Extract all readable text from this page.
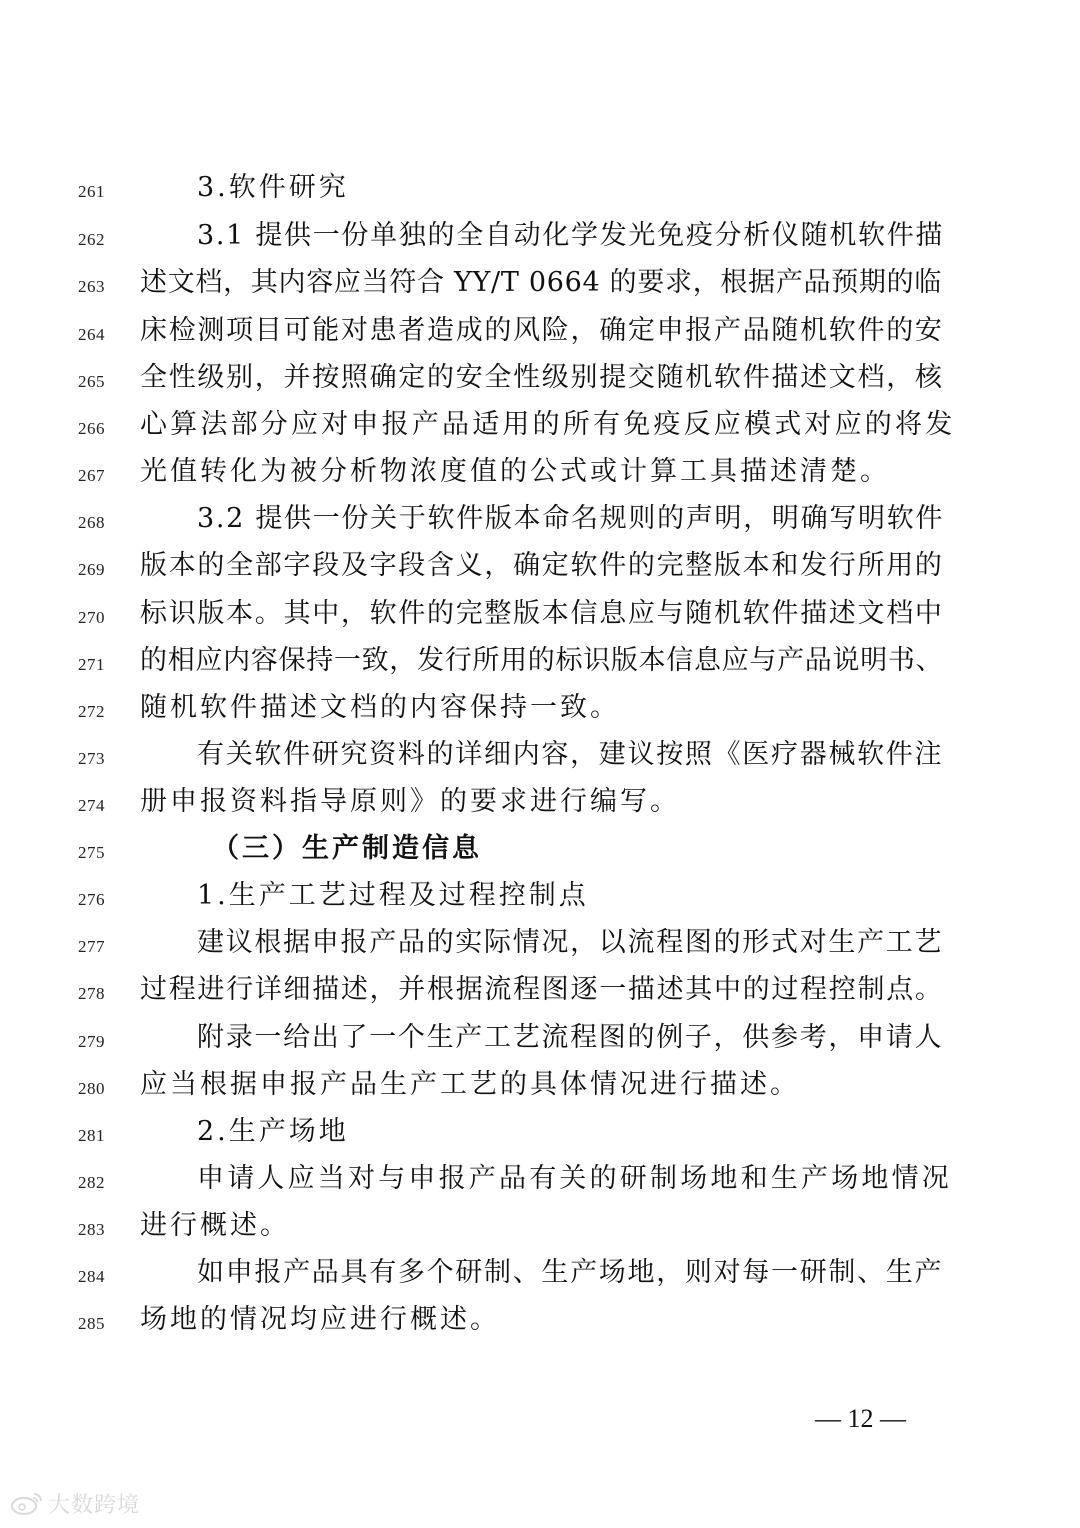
261	3.软件研究
262	3.1 提供一份单独的全自动化学发光免疫分析仪随机软件描
263 述文档，其内容应当符合 YY/T 0664 的要求，根据产品预期的临
264 床检测项目可能对患者造成的风险，确定申报产品随机软件的安
265 全性级别，并按照确定的安全性级别提交随机软件描述文档，核
266 心算法部分应对申报产品适用的所有免疫反应模式对应的将发
267 光值转化为被分析物浓度值的公式或计算工具描述清楚。
268	3.2 提供一份关于软件版本命名规则的声明，明确写明软件
269 版本的全部字段及字段含义，确定软件的完整版本和发行所用的
270 标识版本。其中，软件的完整版本信息应与随机软件描述文档中
271 的相应内容保持一致，发行所用的标识版本信息应与产品说明书、
272 随机软件描述文档的内容保持一致。
273	有关软件研究资料的详细内容，建议按照《医疗器械软件注
274 册申报资料指导原则》的要求进行编写。
275	（三）生产制造信息
276	1.生产工艺过程及过程控制点
277	建议根据申报产品的实际情况，以流程图的形式对生产工艺
278 过程进行详细描述，并根据流程图逐一描述其中的过程控制点。
279	附录一给出了一个生产工艺流程图的例子，供参考，申请人
280 应当根据申报产品生产工艺的具体情况进行描述。
281	2.生产场地
282	申请人应当对与申报产品有关的研制场地和生产场地情况
283 进行概述。
284	如申报产品具有多个研制、生产场地，则对每一研制、生产
285 场地的情况均应进行概述。
— 12 —
大数跨境
